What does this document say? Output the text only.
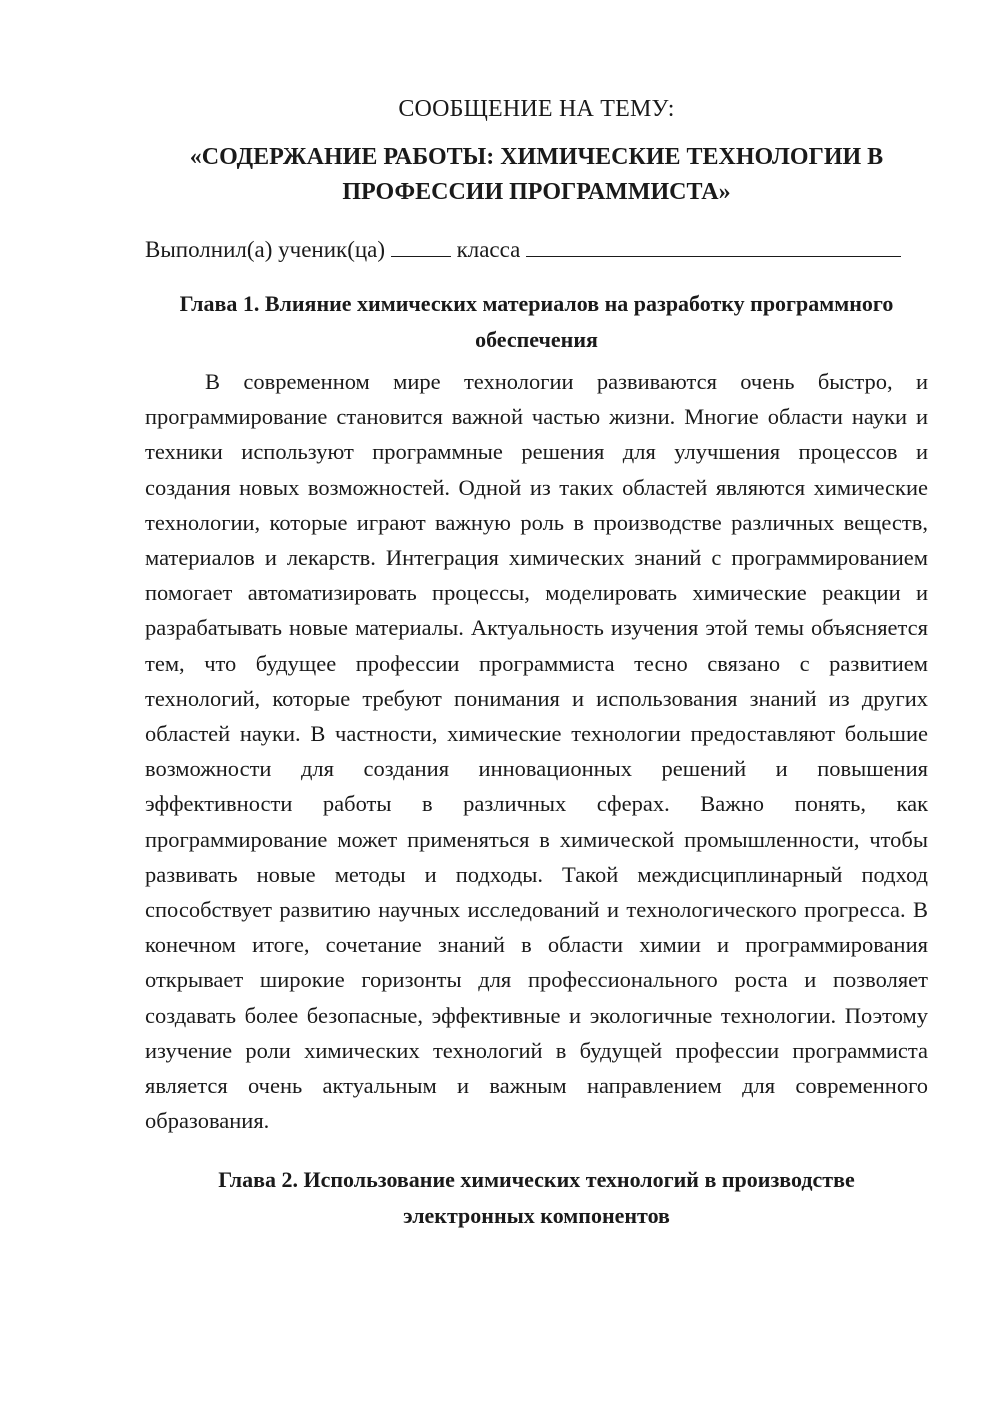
СООБЩЕНИЕ НА ТЕМУ:
«СОДЕРЖАНИЕ РАБОТЫ: ХИМИЧЕСКИЕ ТЕХНОЛОГИИ В
ПРОФЕССИИ ПРОГРАММИСТА»
Выполнил(а) ученик(ца)	класса
Глава 1. Влияние химических материалов на разработку программного
обеспечения

В современном мире технологии развиваются очень быстро, и программирование становится важной частью жизни. Многие области науки и техники используют программные решения для улучшения процессов и создания новых возможностей. Одной из таких областей являются химические технологии, которые играют важную роль в производстве различных веществ, материалов и лекарств. Интеграция химических знаний с программированием помогает автоматизировать процессы, моделировать химические реакции и разрабатывать новые материалы. Актуальность изучения этой темы объясняется тем, что будущее профессии программиста тесно связано с развитием технологий, которые требуют понимания и использования знаний из других областей науки. В частности, химические технологии предоставляют большие возможности для создания инновационных решений и повышения эффективности работы в различных сферах. Важно понять, как программирование может применяться в химической промышленности, чтобы развивать новые методы и подходы. Такой междисциплинарный подход способствует развитию научных исследований и технологического прогресса. В конечном итоге, сочетание знаний в области химии и программирования открывает широкие горизонты для профессионального роста и позволяет создавать более безопасные, эффективные и экологичные технологии. Поэтому изучение роли химических технологий в будущей профессии программиста является очень актуальным и важным направлением для современного образования.

Глава 2. Использование химических технологий в производстве
электронных компонентов
